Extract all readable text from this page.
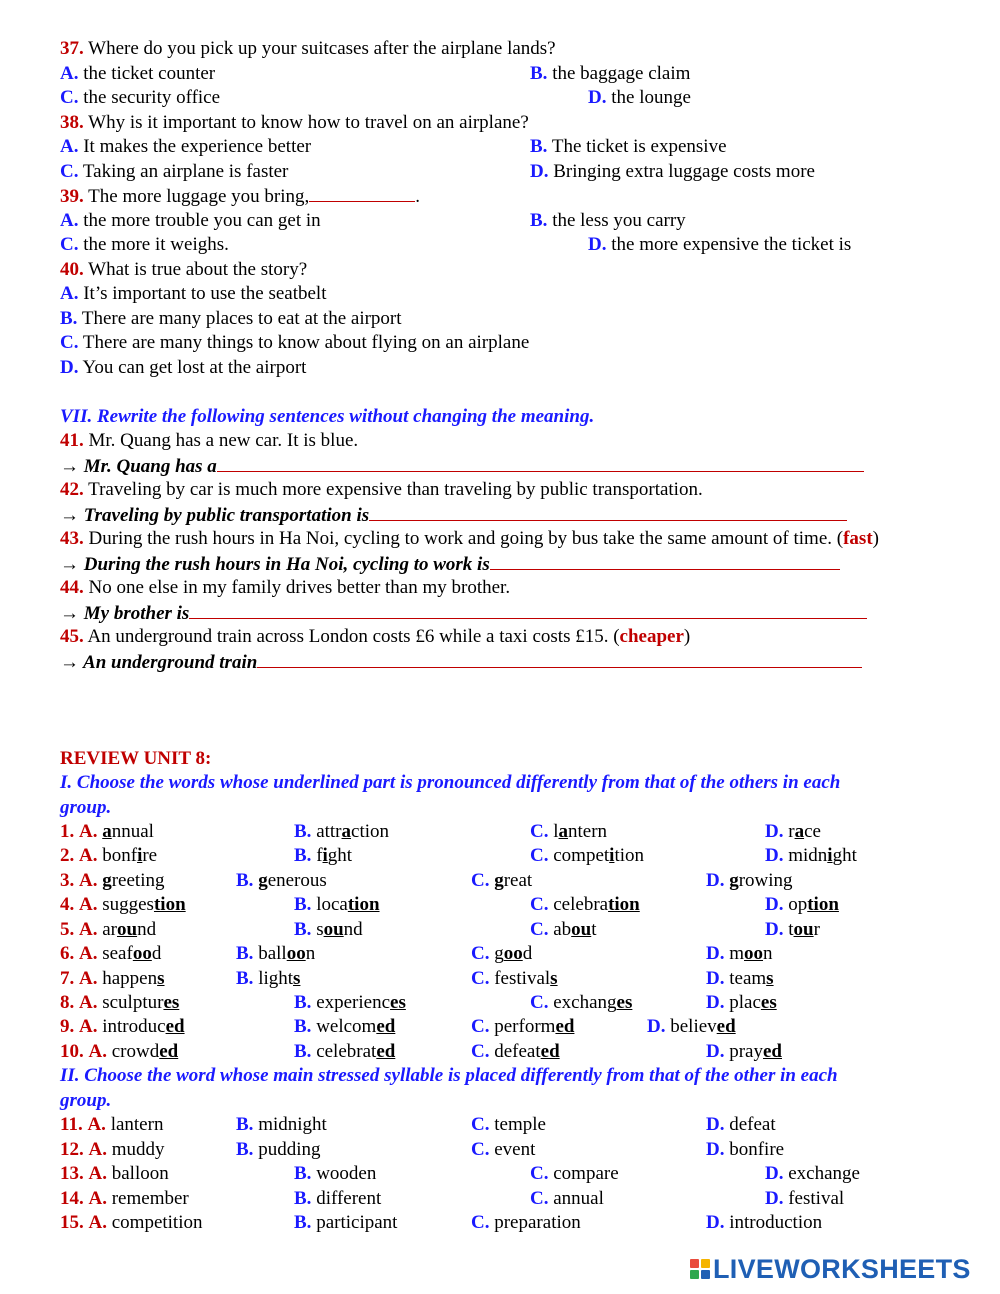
37. Where do you pick up your suitcases after the airplane lands?
A. the ticket counter	B. the baggage claim
C. the security office	D. the lounge
38. Why is it important to know how to travel on an airplane?
A. It makes the experience better	B. The ticket is expensive
C. Taking an airplane is faster	D. Bringing extra luggage costs more
39. The more luggage you bring,	.
A. the more trouble you can get in	B. the less you carry
C. the more it weighs.	D. the more expensive the ticket is
40. What is true about the story?
A. It’s important to use the seatbelt
B. There are many places to eat at the airport
C. There are many things to know about flying on an airplane
D. You can get lost at the airport
VII. Rewrite the following sentences without changing the meaning.
41. Mr. Quang has a new car. It is blue.
→ Mr. Quang has a
42. Traveling by car is much more expensive than traveling by public transportation.
→ Traveling by public transportation is
43. During the rush hours in Ha Noi, cycling to work and going by bus take the same amount of time. (fast)
→ During the rush hours in Ha Noi, cycling to work is
44. No one else in my family drives better than my brother.
→ My brother is
45. An underground train across London costs £6 while a taxi costs £15. (cheaper)
→ An underground train
REVIEW UNIT 8:
I. Choose the words whose underlined part is pronounced differently from that of the others in each
group.
1. A. annual	B. attraction	C. lantern	D. race
2. A. bonfire	B. fight	C. competition	D. midnight
3. A. greeting	B. generous	C. great	D. growing
4. A. suggestion	B. location	C. celebration	D. option
5. A. around	B. sound	C. about	D. tour
6. A. seafood	B. balloon	C. good	D. moon
7. A. happens	B. lights	C. festivals	D. teams
8. A. sculptures	B. experiences	C. exchanges	D. places
9. A. introduced	B. welcomed	C. performed	D. believed
10. A. crowded	B. celebrated	C. defeated	D. prayed
II. Choose the word whose main stressed syllable is placed differently from that of the other in each
group.
11. A. lantern	B. midnight	C. temple	D. defeat
12. A. muddy	B. pudding	C. event	D. bonfire
13. A. balloon	B. wooden	C. compare	D. exchange
14. A. remember	B. different	C. annual	D. festival
15. A. competition	B. participant	C. preparation	D. introduction
LIVEWORKSHEETS
